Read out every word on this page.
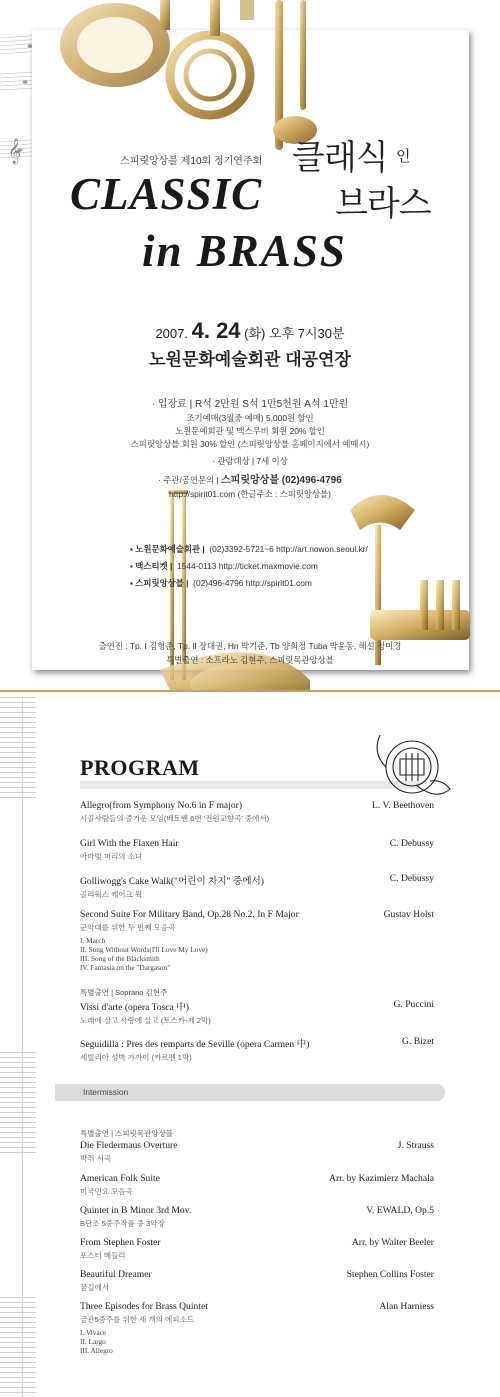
𝄞	스피릿앙상블 제10회 정기연주회
CLASSIC
in BRASS
클래식 $^인$
브라스
2007. 4. 24 (화) 오후 7시30분
노원문화예술회관 대공연장
· 입장료 | R석 2만원 S석 1만5천원 A석 1만원
조기예매(3월중 예매) 5,000원 할인
노원문예회관 및 맥스무비 회원 20% 할인
스피릿앙상블 회원 30% 할인 (스피릿앙상블 홈페이지에서 예매시)
· 관람대상 | 7세 이상
· 주관/공연문의 | 스피릿앙상블 (02)496-4796
http://spirit01.com (한글주소 : 스피릿앙상블)
▪ 노원문화예술회관 | (02)3392-5721~6 http://art.nowon.seoul.kr/
▪ 맥스티켓 | 1544-0113 http://ticket.maxmovie.com
▪ 스피릿앙상블 | (02)496-4796 http://spirit01.com
출연진 : Tp. Ⅰ 김형준, Tp. Ⅱ 장대권, Hn 박기준, Tb 양희정 Tuba 박윤동, 해설 정미경
특별출연 : 소프라노 김현주, 스피릿목관앙상블
PROGRAM
Allegro(from Symphony No.6 in F major)
시골사람들의 즐거운 모임(베토벤 6번 '전원교향곡' 중에서)
L. V. Beethoven
Girl With the Flaxen Hair
아마빛 머리의 소녀
C. Debussy
Golliwogg's Cake Walk("어린이 차지" 중에서)
골리웍스 케이크 웍
C. Debussy
Second Suite For Military Band, Op.28 No.2, In F Major
군악대를 위한 두 번째 모음곡
Gustav Holst
I. March
II. Song Without Words(I'll Love My Love)
III. Song of the Blacksmith
IV. Fantasia on the "Dargason"
특별출연 | Soprano 김현주
Vissi d'arte (opera Tosca 中)	G. Puccini
노래에 살고 사랑에 살고 (토스카-제 2막)
Seguidilla : Pres des remparts de Seville (opera Carmen 中)
세빌리아 성벽 가까이 (카르멘 1막)
G. Bizet
Intermission
특별출연 | 스피릿목관앙상블
Die Fledermaus Overture	J. Strauss
박쥐 서곡
American Folk Suite
미국민요 모음곡
Arr. by Kazimierz Machala
Quintet in B Minor 3rd Mov.
B단조 5중주작품 중 3악장
V. EWALD, Op.5
From Stephen Foster
포스터 메들리
Arr. by Walter Beeler
Beautiful Dreamer
꿈길에서
Stephen Collins Foster
Three Episodes for Brass Quintet
금관5중주를 위한 세 개의 에피소드
Alan Harniess
I. Vivace
II. Largo
III. Allegro
